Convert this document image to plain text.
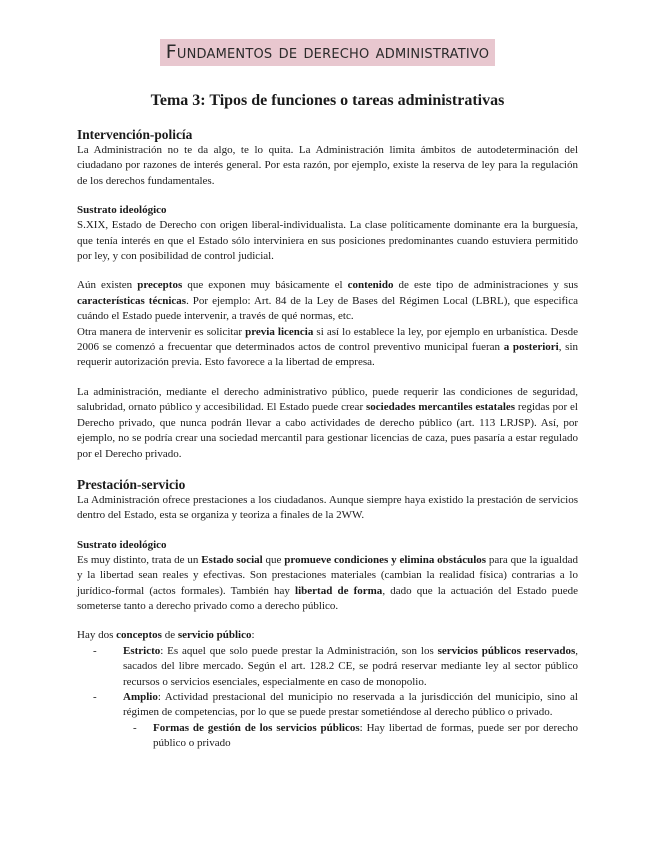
Fundamentos de derecho administrativo
Tema 3: Tipos de funciones o tareas administrativas

Intervención-policía

La Administración no te da algo, te lo quita. La Administración limita ámbitos de autodeterminación del ciudadano por razones de interés general. Por esta razón, por ejemplo, existe la reserva de ley para la regulación de los derechos fundamentales.

Sustrato ideológico

S.XIX, Estado de Derecho con origen liberal-individualista. La clase políticamente dominante era la burguesía, que tenía interés en que el Estado sólo interviniera en sus posiciones predominantes cuando estuviera permitido por ley, y con posibilidad de control judicial.

Aún existen preceptos que exponen muy básicamente el contenido de este tipo de administraciones y sus características técnicas. Por ejemplo: Art. 84 de la Ley de Bases del Régimen Local (LBRL), que especifica cuándo el Estado puede intervenir, a través de qué normas, etc.

Otra manera de intervenir es solicitar previa licencia si así lo establece la ley, por ejemplo en urbanística. Desde 2006 se comenzó a frecuentar que determinados actos de control preventivo municipal fueran a posteriori, sin requerir autorización previa. Esto favorece a la libertad de empresa.

La administración, mediante el derecho administrativo público, puede requerir las condiciones de seguridad, salubridad, ornato público y accesibilidad. El Estado puede crear sociedades mercantiles estatales regidas por el Derecho privado, que nunca podrán llevar a cabo actividades de derecho público (art. 113 LRJSP). Así, por ejemplo, no se podría crear una sociedad mercantil para gestionar licencias de caza, pues pasaría a estar regulado por el Derecho privado.

Prestación-servicio

La Administración ofrece prestaciones a los ciudadanos. Aunque siempre haya existido la prestación de servicios dentro del Estado, esta se organiza y teoriza a finales de la 2WW.

Sustrato ideológico

Es muy distinto, trata de un Estado social que promueve condiciones y elimina obstáculos para que la igualdad y la libertad sean reales y efectivas. Son prestaciones materiales (cambian la realidad física) contrarias a lo jurídico-formal (actos formales). También hay libertad de forma, dado que la actuación del Estado puede someterse tanto a derecho privado como a derecho público.

Hay dos conceptos de servicio público:

- Estricto: Es aquel que solo puede prestar la Administración, son los servicios públicos reservados, sacados del libre mercado. Según el art. 128.2 CE, se podrá reservar mediante ley al sector público recursos o servicios esenciales, especialmente en caso de monopolio.
- Amplio: Actividad prestacional del municipio no reservada a la jurisdicción del municipio, sino al régimen de competencias, por lo que se puede prestar sometiéndose al derecho público o privado.
- Formas de gestión de los servicios públicos: Hay libertad de formas, puede ser por derecho público o privado
